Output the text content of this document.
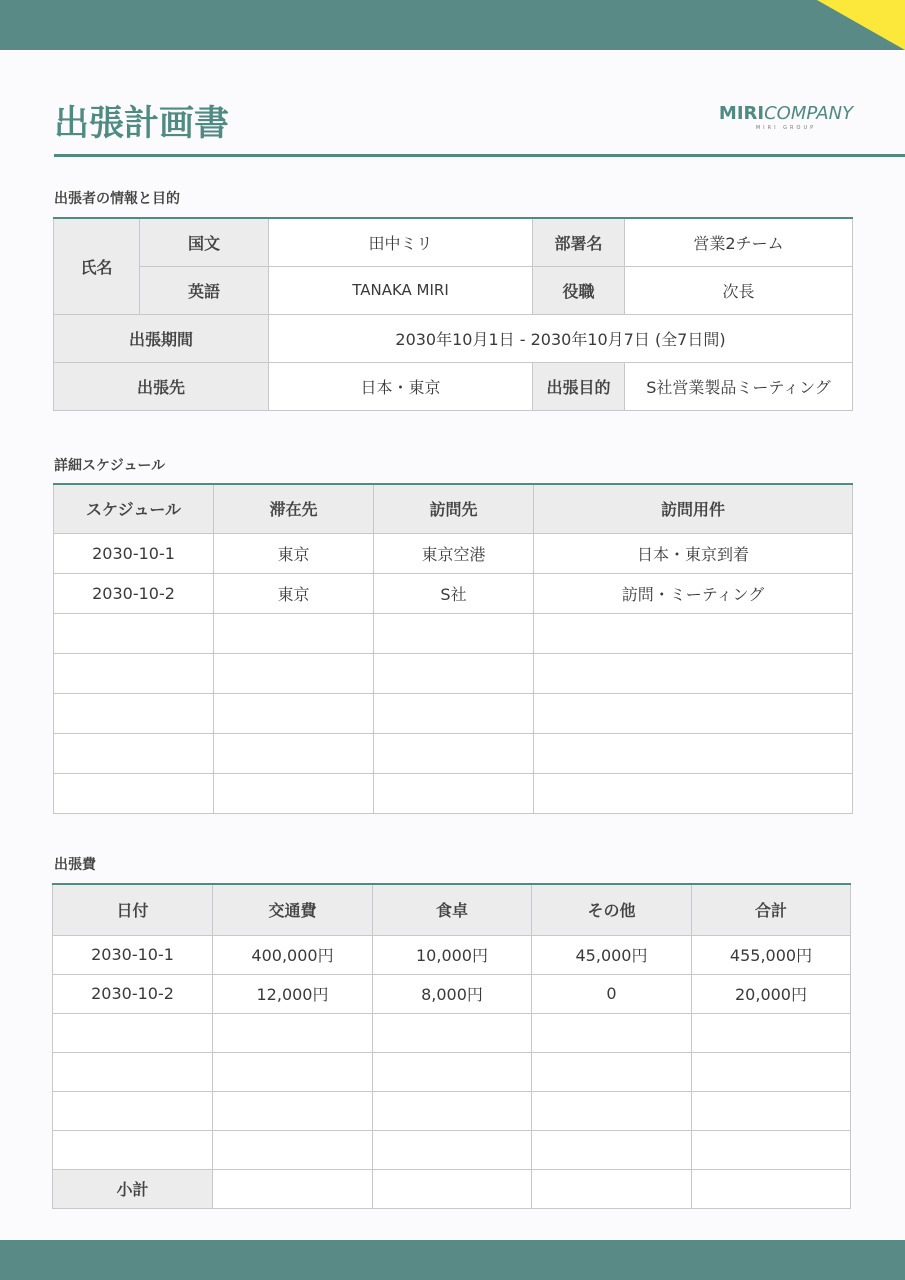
出張計画書	MIRICOMPANY
MIRI GROUP
出張者の情報と目的
氏名	国文	田中ミリ	部署名	営業2チーム
	英語	TANAKA MIRI	役職	次長
出張期間		2030年10月1日 - 2030年10月7日 (全7日間)		
出張先		日本・東京	出張目的	S社営業製品ミーティング
詳細スケジュール
スケジュール	滞在先	訪問先	訪問用件
2030-10-1	東京	東京空港	日本・東京到着
2030-10-2	東京	S社	訪問・ミーティング

出張費
日付	交通費	食卓	その他	合計
2030-10-1	400,000円	10,000円	45,000円	455,000円
2030-10-2	12,000円	8,000円	0	20,000円

小計				
